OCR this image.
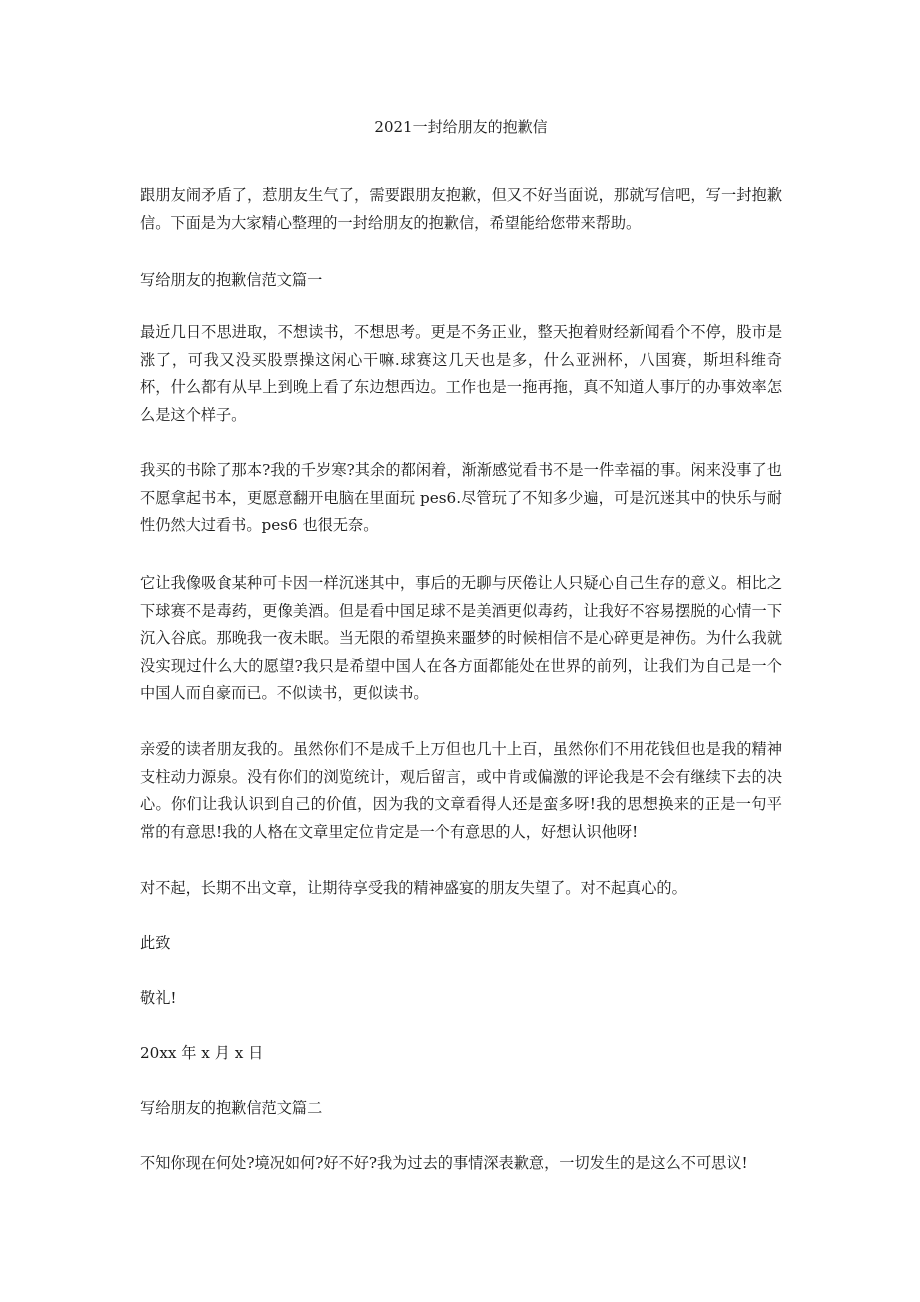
2021一封给朋友的抱歉信

跟朋友闹矛盾了，惹朋友生气了，需要跟朋友抱歉，但又不好当面说，那就写信吧，写一封抱歉信。下面是为大家精心整理的一封给朋友的抱歉信，希望能给您带来帮助。

写给朋友的抱歉信范文篇一

最近几日不思进取，不想读书，不想思考。更是不务正业，整天抱着财经新闻看个不停，股市是涨了，可我又没买股票操这闲心干嘛.球赛这几天也是多，什么亚洲杯，八国赛，斯坦科维奇杯，什么都有从早上到晚上看了东边想西边。工作也是一拖再拖，真不知道人事厅的办事效率怎么是这个样子。

我买的书除了那本?我的千岁寒?其余的都闲着，渐渐感觉看书不是一件幸福的事。闲来没事了也不愿拿起书本，更愿意翻开电脑在里面玩 pes6.尽管玩了不知多少遍，可是沉迷其中的快乐与耐性仍然大过看书。pes6 也很无奈。

它让我像吸食某种可卡因一样沉迷其中，事后的无聊与厌倦让人只疑心自己生存的意义。相比之下球赛不是毒药，更像美酒。但是看中国足球不是美酒更似毒药，让我好不容易摆脱的心情一下沉入谷底。那晚我一夜未眠。当无限的希望换来噩梦的时候相信不是心碎更是神伤。为什么我就没实现过什么大的愿望?我只是希望中国人在各方面都能处在世界的前列，让我们为自己是一个中国人而自豪而已。不似读书，更似读书。

亲爱的读者朋友我的。虽然你们不是成千上万但也几十上百，虽然你们不用花钱但也是我的精神支柱动力源泉。没有你们的浏览统计，观后留言，或中肯或偏激的评论我是不会有继续下去的决心。你们让我认识到自己的价值，因为我的文章看得人还是蛮多呀!我的思想换来的正是一句平常的有意思!我的人格在文章里定位肯定是一个有意思的人，好想认识他呀!

对不起，长期不出文章，让期待享受我的精神盛宴的朋友失望了。对不起真心的。

此致

敬礼!

20xx 年 x 月 x 日

写给朋友的抱歉信范文篇二

不知你现在何处?境况如何?好不好?我为过去的事情深表歉意，一切发生的是这么不可思议!
